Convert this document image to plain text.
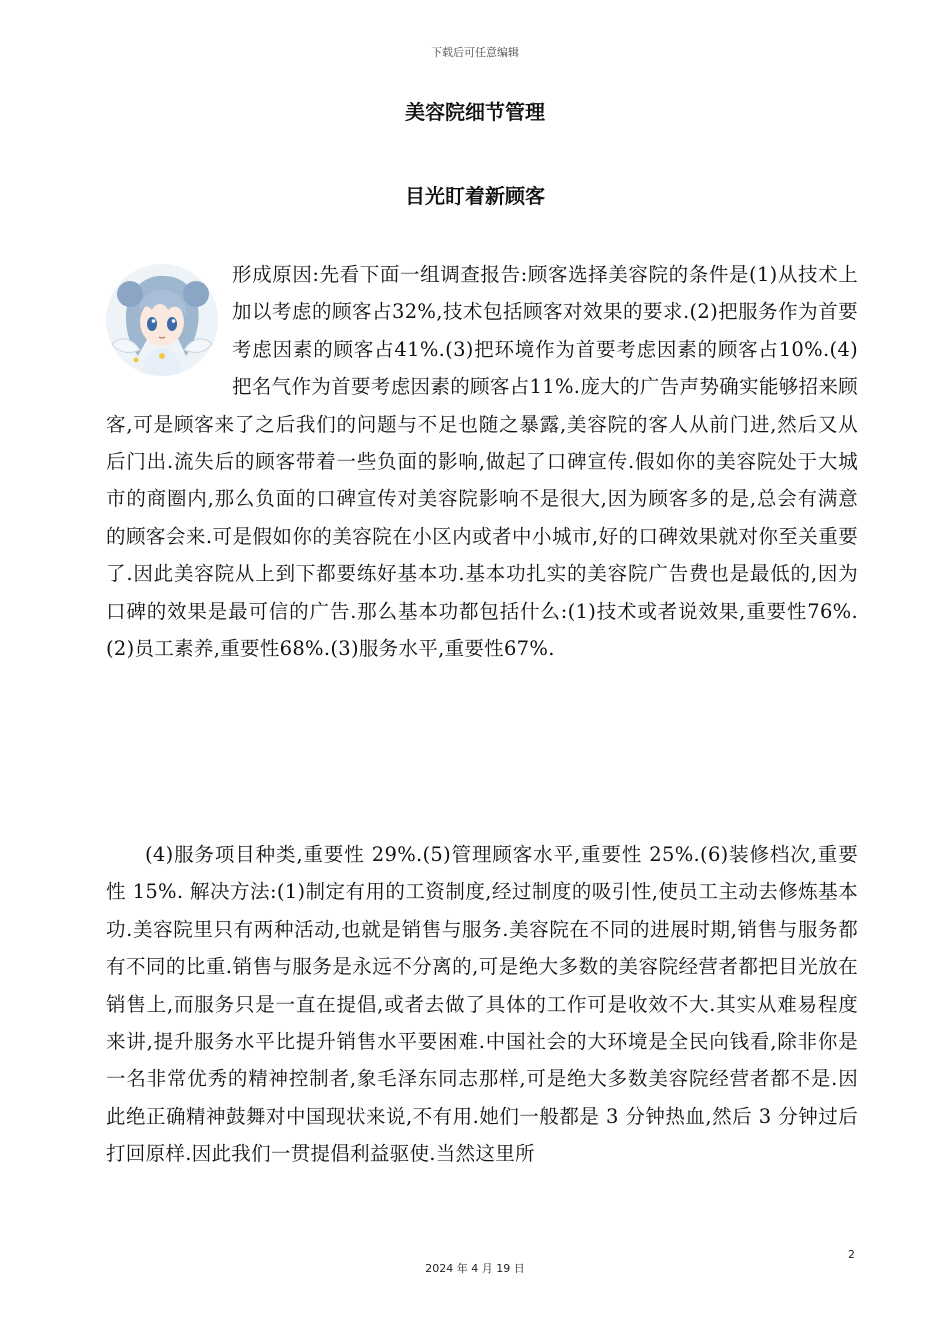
下载后可任意编辑
美容院细节管理
目光盯着新顾客
形成原因:先看下面一组调查报告:顾客选择美容院的条件是(1)从技术上加以考虑的顾客占32%,技术包括顾客对效果的要求.(2)把服务作为首要考虑因素的顾客占41%.(3)把环境作为首要考虑因素的顾客占10%.(4)把名气作为首要考虑因素的顾客占11%.庞大的广告声势确实能够招来顾客,可是顾客来了之后我们的问题与不足也随之暴露,美容院的客人从前门进,然后又从后门出.流失后的顾客带着一些负面的影响,做起了口碑宣传.假如你的美容院处于大城市的商圈内,那么负面的口碑宣传对美容院影响不是很大,因为顾客多的是,总会有满意的顾客会来.可是假如你的美容院在小区内或者中小城市,好的口碑效果就对你至关重要了.因此美容院从上到下都要练好基本功.基本功扎实的美容院广告费也是最低的,因为口碑的效果是最可信的广告.那么基本功都包括什么:(1)技术或者说效果,重要性76%.(2)员工素养,重要性68%.(3)服务水平,重要性67%.
(4)服务项目种类,重要性 29%.(5)管理顾客水平,重要性 25%.(6)装修档次,重要性 15%. 解决方法:(1)制定有用的工资制度,经过制度的吸引性,使员工主动去修炼基本功.美容院里只有两种活动,也就是销售与服务.美容院在不同的进展时期,销售与服务都有不同的比重.销售与服务是永远不分离的,可是绝大多数的美容院经营者都把目光放在销售上,而服务只是一直在提倡,或者去做了具体的工作可是收效不大.其实从难易程度来讲,提升服务水平比提升销售水平要困难.中国社会的大环境是全民向钱看,除非你是一名非常优秀的精神控制者,象毛泽东同志那样,可是绝大多数美容院经营者都不是.因此绝正确精神鼓舞对中国现状来说,不有用.她们一般都是 3 分钟热血,然后 3 分钟过后打回原样.因此我们一贯提倡利益驱使.当然这里所
2
2024 年 4 月 19 日
